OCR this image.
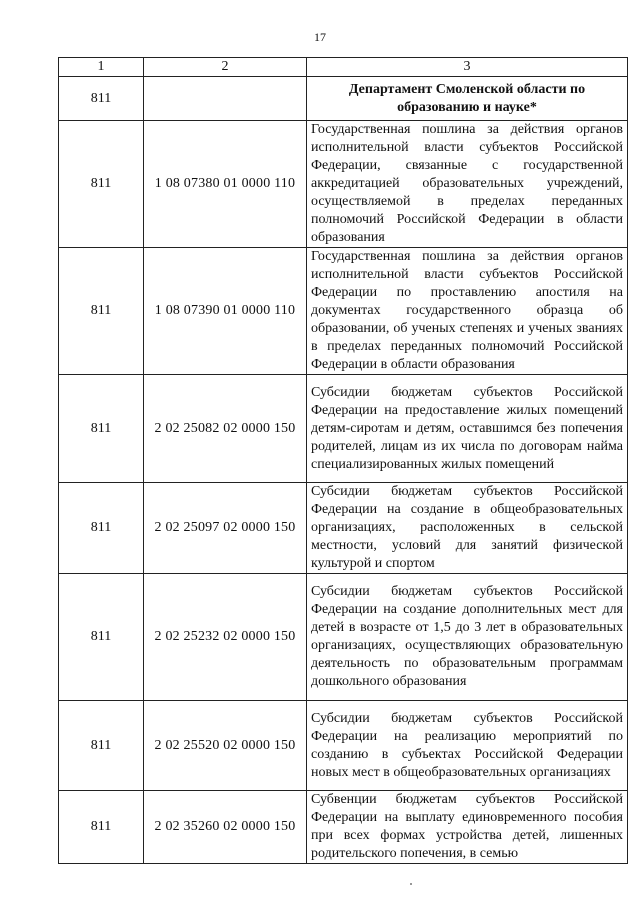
17
1	2	3
811		Департамент Смоленской области по образованию и науке*
811	1 08 07380 01 0000 110	Государственная пошлина за действия органов исполнительной власти субъектов Российской Федерации, связанные с государственной аккредитацией образовательных учреждений, осуществляемой в пределах переданных полномочий Российской Федерации в области образования
811	1 08 07390 01 0000 110	Государственная пошлина за действия органов исполнительной власти субъектов Российской Федерации по проставлению апостиля на документах государственного образца об образовании, об ученых степенях и ученых званиях в пределах переданных полномочий Российской Федерации в области образования
811	2 02 25082 02 0000 150	Субсидии бюджетам субъектов Российской Федерации на предоставление жилых помещений детям-сиротам и детям, оставшимся без попечения родителей, лицам из их числа по договорам найма специализированных жилых помещений
811	2 02 25097 02 0000 150	Субсидии бюджетам субъектов Российской Федерации на создание в общеобразовательных организациях, расположенных в сельской местности, условий для занятий физической культурой и спортом
811	2 02 25232 02 0000 150	Субсидии бюджетам субъектов Российской Федерации на создание дополнительных мест для детей в возрасте от 1,5 до 3 лет в образовательных организациях, осуществляющих образовательную деятельность по образовательным программам дошкольного образования
811	2 02 25520 02 0000 150	Субсидии бюджетам субъектов Российской Федерации на реализацию мероприятий по созданию в субъектах Российской Федерации новых мест в общеобразовательных организациях
811	2 02 35260 02 0000 150	Субвенции бюджетам субъектов Российской Федерации на выплату единовременного пособия при всех формах устройства детей, лишенных родительского попечения, в семью
